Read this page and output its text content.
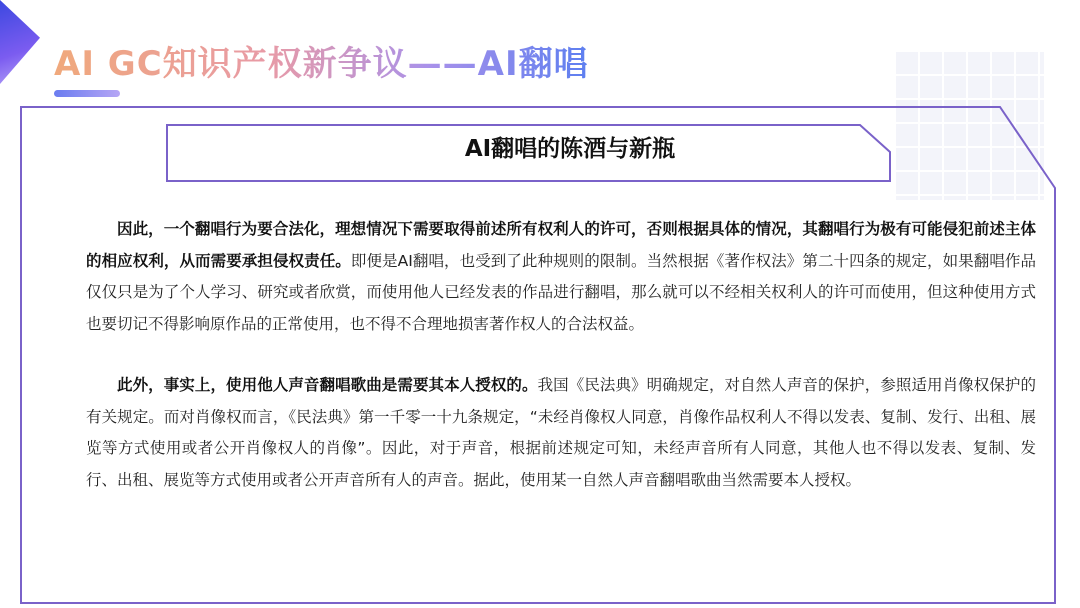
AI GC知识产权新争议——AI翻唱
AI翻唱的陈酒与新瓶

因此，一个翻唱行为要合法化，理想情况下需要取得前述所有权利人的许可，否则根据具体的情况，其翻唱行为极有可能侵犯前述主体的相应权利，从而需要承担侵权责任。即便是AI翻唱，也受到了此种规则的限制。当然根据《著作权法》第二十四条的规定，如果翻唱作品仅仅只是为了个人学习、研究或者欣赏，而使用他人已经发表的作品进行翻唱，那么就可以不经相关权利人的许可而使用，但这种使用方式也要切记不得影响原作品的正常使用，也不得不合理地损害著作权人的合法权益。

此外，事实上，使用他人声音翻唱歌曲是需要其本人授权的。我国《民法典》明确规定，对自然人声音的保护，参照适用肖像权保护的有关规定。而对肖像权而言，《民法典》第一千零一十九条规定，“未经肖像权人同意，肖像作品权利人不得以发表、复制、发行、出租、展览等方式使用或者公开肖像权人的肖像”。因此，对于声音，根据前述规定可知，未经声音所有人同意，其他人也不得以发表、复制、发行、出租、展览等方式使用或者公开声音所有人的声音。据此，使用某一自然人声音翻唱歌曲当然需要本人授权。
